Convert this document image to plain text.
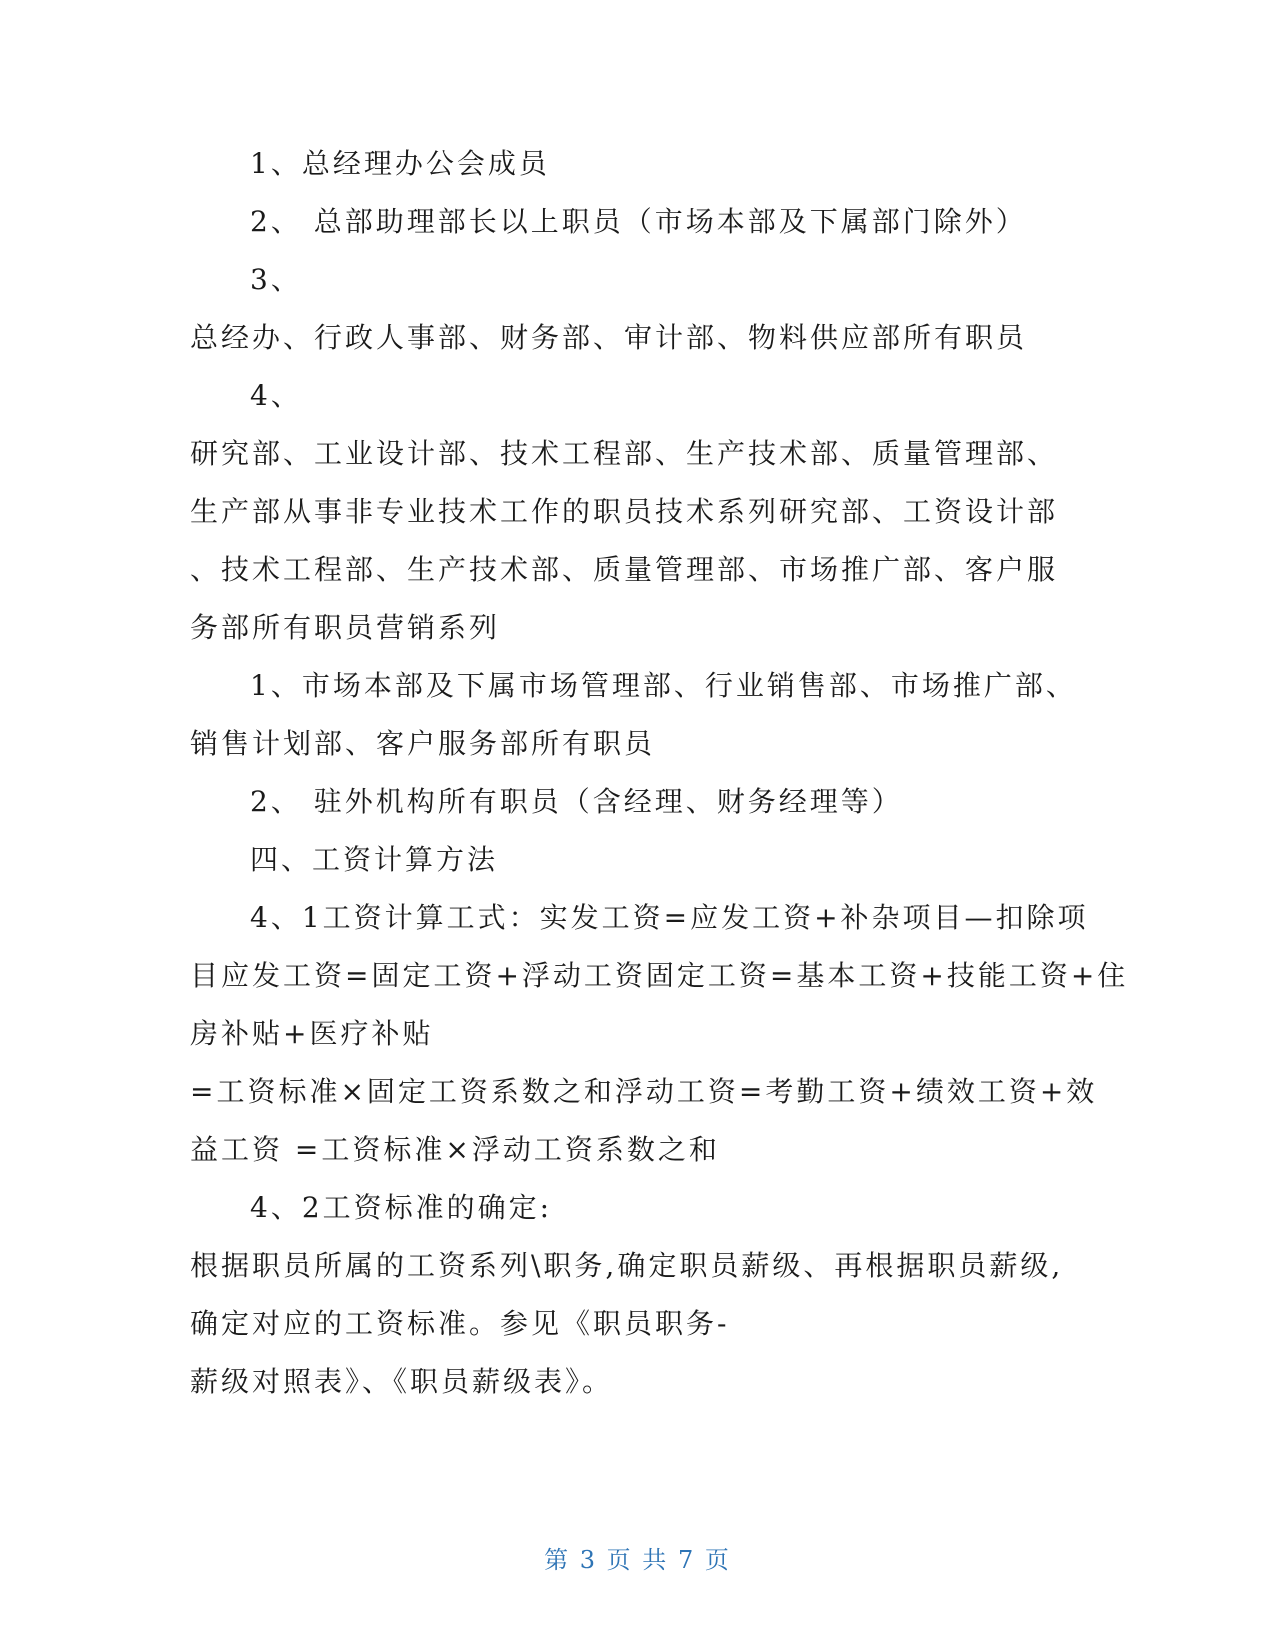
1、总经理办公会成员
2、 总部助理部长以上职员（市场本部及下属部门除外）
3、
总经办、行政人事部、财务部、审计部、物料供应部所有职员
4、
研究部、工业设计部、技术工程部、生产技术部、质量管理部、
生产部从事非专业技术工作的职员技术系列研究部、工资设计部
、技术工程部、生产技术部、质量管理部、市场推广部、客户服
务部所有职员营销系列
1、市场本部及下属市场管理部、行业销售部、市场推广部、
销售计划部、客户服务部所有职员
2、 驻外机构所有职员（含经理、财务经理等）
四、工资计算方法
4、1工资计算工式：实发工资=应发工资+补杂项目—扣除项
目应发工资=固定工资+浮动工资固定工资=基本工资+技能工资+住
房补贴+医疗补贴
=工资标准×固定工资系数之和浮动工资=考勤工资+绩效工资+效
益工资 =工资标准×浮动工资系数之和
4、2工资标准的确定:
根据职员所属的工资系列\职务,确定职员薪级、再根据职员薪级,
确定对应的工资标准。参见《职员职务-
薪级对照表》、《职员薪级表》。
第 3 页 共 7 页
